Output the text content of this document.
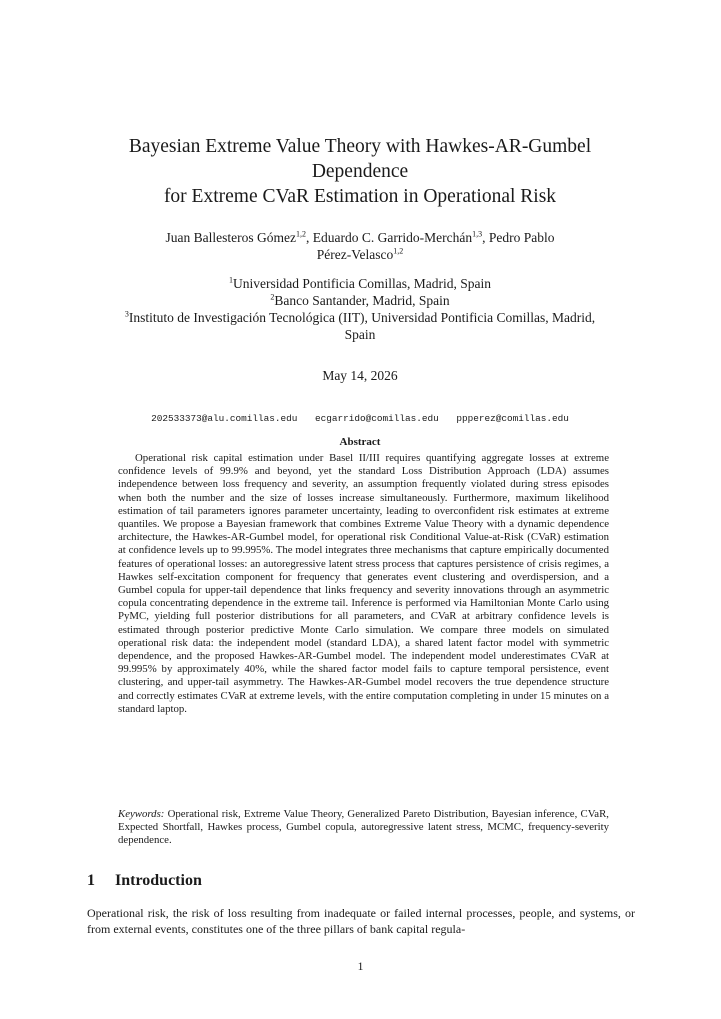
Bayesian Extreme Value Theory with Hawkes-AR-Gumbel
Dependence
for Extreme CVaR Estimation in Operational Risk
Juan Ballesteros Gómez$^{1,2}$, Eduardo C. Garrido-Merchán$^{1,3}$, Pedro Pablo
Pérez-Velasco$^{1,2}$
$^1$Universidad Pontificia Comillas, Madrid, Spain
$^2$Banco Santander, Madrid, Spain
$^3$Instituto de Investigación Tecnológica (IIT), Universidad Pontificia Comillas, Madrid,
Spain
May 14, 2026
202533373@alu.comillas.edu ecgarrido@comillas.edu ppperez@comillas.edu
Abstract

Operational risk capital estimation under Basel II/III requires quantifying aggregate losses at extreme confidence levels of 99.9% and beyond, yet the standard Loss Distribution Approach (LDA) assumes independence between loss frequency and severity, an assumption frequently violated during stress episodes when both the number and the size of losses increase simultaneously. Furthermore, maximum likelihood estimation of tail parameters ignores parameter uncertainty, leading to overconfident risk estimates at extreme quantiles. We propose a Bayesian framework that combines Extreme Value Theory with a dynamic dependence architecture, the Hawkes-AR-Gumbel model, for operational risk Conditional Value-at-Risk (CVaR) estimation at confidence levels up to 99.995%. The model integrates three mechanisms that capture empirically documented features of operational losses: an autoregressive latent stress process that captures persistence of crisis regimes, a Hawkes self-excitation component for frequency that generates event clustering and overdispersion, and a Gumbel copula for upper-tail dependence that links frequency and severity innovations through an asymmetric copula concentrating dependence in the extreme tail. Inference is performed via Hamiltonian Monte Carlo using PyMC, yielding full posterior distributions for all parameters, and CVaR at arbitrary confidence levels is estimated through posterior predictive Monte Carlo simulation. We compare three models on simulated operational risk data: the independent model (standard LDA), a shared latent factor model with symmetric dependence, and the proposed Hawkes-AR-Gumbel model. The independent model underestimates CVaR at 99.995% by approximately 40%, while the shared factor model fails to capture temporal persistence, event clustering, and upper-tail asymmetry. The Hawkes-AR-Gumbel model recovers the true dependence structure and correctly estimates CVaR at extreme levels, with the entire computation completing in under 15 minutes on a standard laptop.

Keywords: Operational risk, Extreme Value Theory, Generalized Pareto Distribution, Bayesian inference, CVaR, Expected Shortfall, Hawkes process, Gumbel copula, autoregressive latent stress, MCMC, frequency-severity dependence.

1 Introduction

Operational risk, the risk of loss resulting from inadequate or failed internal processes, people, and systems, or from external events, constitutes one of the three pillars of bank capital regula-

1
